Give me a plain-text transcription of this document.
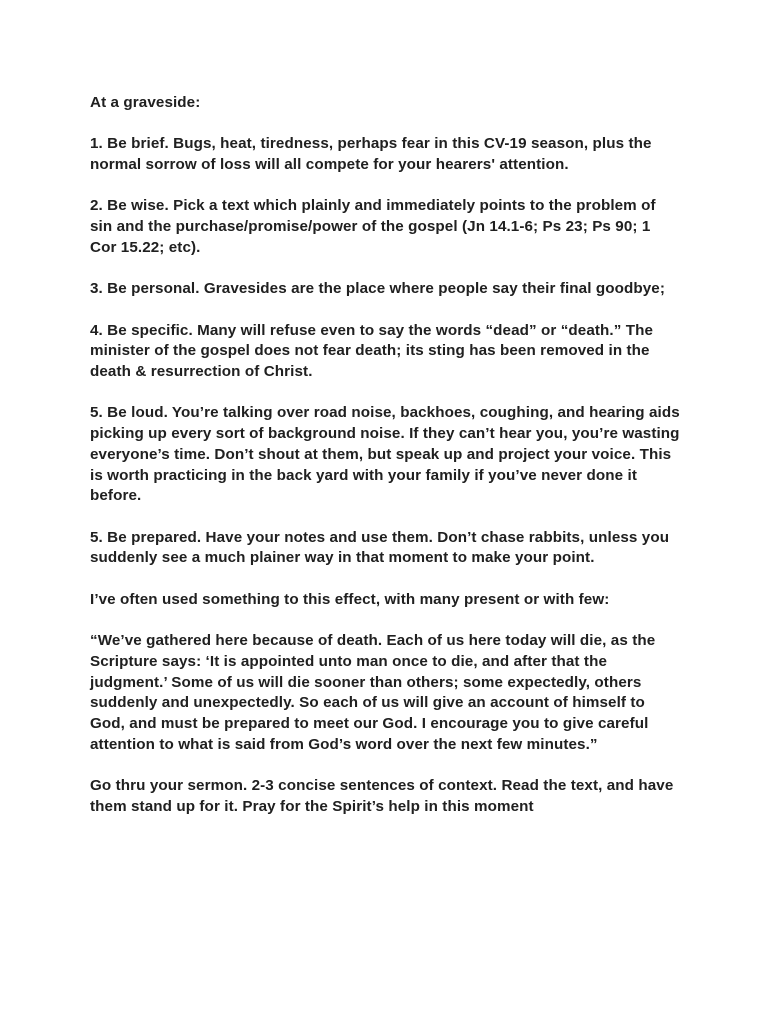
At a graveside:

1. Be brief. Bugs, heat, tiredness, perhaps fear in this CV-19 season, plus the normal sorrow of loss will all compete for your hearers' attention.

2. Be wise. Pick a text which plainly and immediately points to the problem of sin and the purchase/promise/power of the gospel (Jn 14.1-6; Ps 23; Ps 90; 1 Cor 15.22; etc).

3. Be personal. Gravesides are the place where people say their final goodbye;

4. Be specific. Many will refuse even to say the words “dead” or “death.” The minister of the gospel does not fear death; its sting has been removed in the death & resurrection of Christ.

5. Be loud. You’re talking over road noise, backhoes, coughing, and hearing aids picking up every sort of background noise. If they can’t hear you, you’re wasting everyone’s time. Don’t shout at them, but speak up and project your voice. This is worth practicing in the back yard with your family if you’ve never done it before.

5. Be prepared. Have your notes and use them. Don’t chase rabbits, unless you suddenly see a much plainer way in that moment to make your point.

I’ve often used something to this effect, with many present or with few:

“We’ve gathered here because of death. Each of us here today will die, as the Scripture says: ‘It is appointed unto man once to die, and after that the judgment.’ Some of us will die sooner than others; some expectedly, others suddenly and unexpectedly. So each of us will give an account of himself to God, and must be prepared to meet our God. I encourage you to give careful attention to what is said from God’s word over the next few minutes.”

Go thru your sermon. 2-3 concise sentences of context. Read the text, and have them stand up for it. Pray for the Spirit’s help in this moment
